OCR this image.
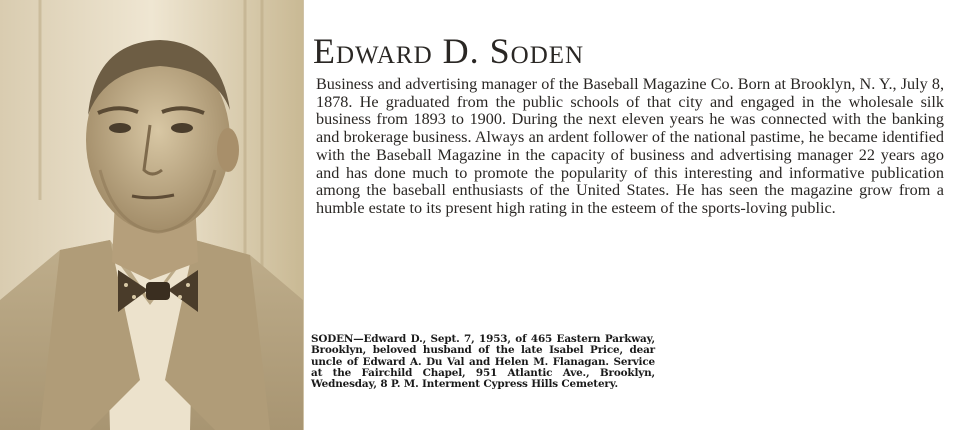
Edward D. Soden

Business and advertising manager of the Baseball Magazine Co. Born at Brooklyn, N. Y., July 8, 1878. He graduated from the public schools of that city and engaged in the wholesale silk business from 1893 to 1900. During the next eleven years he was connected with the banking and brokerage business. Always an ardent follower of the national pastime, he became identified with the Baseball Magazine in the capacity of business and advertising manager 22 years ago and has done much to promote the popularity of this interesting and informative publication among the baseball enthusiasts of the United States. He has seen the magazine grow from a humble estate to its present high rating in the esteem of the sports-loving public.

SODEN—Edward D., Sept. 7, 1953, of 465 Eastern Parkway, Brooklyn, beloved husband of the late Isabel Price, dear uncle of Edward A. Du Val and Helen M. Flanagan. Service at the Fairchild Chapel, 951 Atlantic Ave., Brooklyn, Wednesday, 8 P. M. Interment Cypress Hills Cemetery.
